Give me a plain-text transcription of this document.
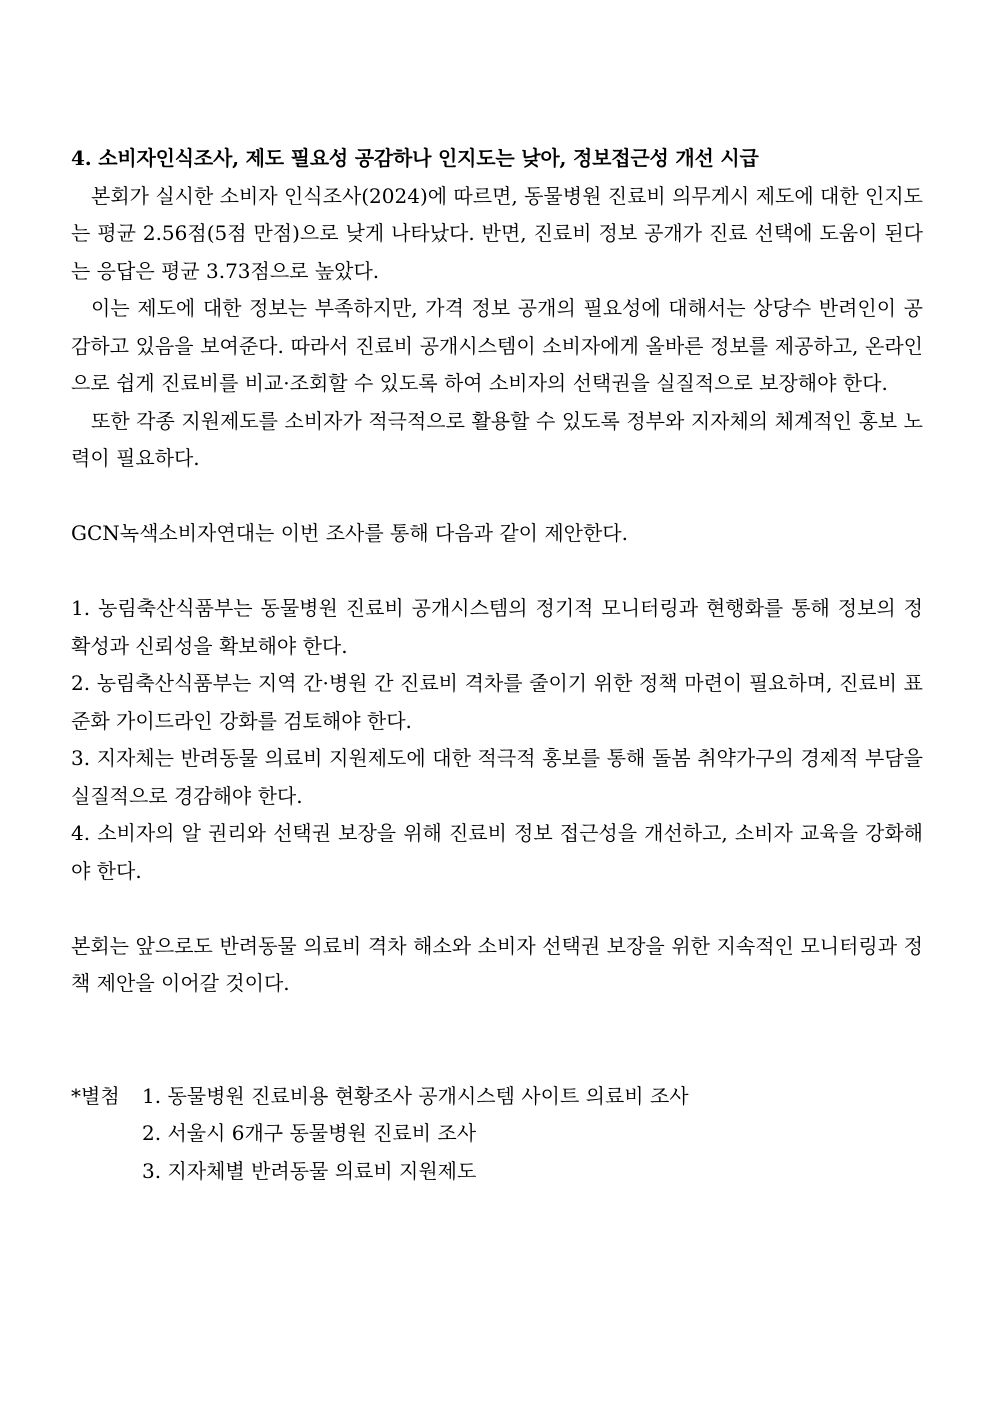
4. 소비자인식조사, 제도 필요성 공감하나 인지도는 낮아, 정보접근성 개선 시급

본회가 실시한 소비자 인식조사(2024)에 따르면, 동물병원 진료비 의무게시 제도에 대한 인지도는 평균 2.56점(5점 만점)으로 낮게 나타났다. 반면, 진료비 정보 공개가 진료 선택에 도움이 된다는 응답은 평균 3.73점으로 높았다.

이는 제도에 대한 정보는 부족하지만, 가격 정보 공개의 필요성에 대해서는 상당수 반려인이 공감하고 있음을 보여준다. 따라서 진료비 공개시스템이 소비자에게 올바른 정보를 제공하고, 온라인으로 쉽게 진료비를 비교·조회할 수 있도록 하여 소비자의 선택권을 실질적으로 보장해야 한다.

또한 각종 지원제도를 소비자가 적극적으로 활용할 수 있도록 정부와 지자체의 체계적인 홍보 노력이 필요하다.

GCN녹색소비자연대는 이번 조사를 통해 다음과 같이 제안한다.

1. 농림축산식품부는 동물병원 진료비 공개시스템의 정기적 모니터링과 현행화를 통해 정보의 정확성과 신뢰성을 확보해야 한다.

2. 농림축산식품부는 지역 간·병원 간 진료비 격차를 줄이기 위한 정책 마련이 필요하며, 진료비 표준화 가이드라인 강화를 검토해야 한다.

3. 지자체는 반려동물 의료비 지원제도에 대한 적극적 홍보를 통해 돌봄 취약가구의 경제적 부담을 실질적으로 경감해야 한다.

4. 소비자의 알 권리와 선택권 보장을 위해 진료비 정보 접근성을 개선하고, 소비자 교육을 강화해야 한다.

본회는 앞으로도 반려동물 의료비 격차 해소와 소비자 선택권 보장을 위한 지속적인 모니터링과 정책 제안을 이어갈 것이다.

*별첨 1. 동물병원 진료비용 현황조사 공개시스템 사이트 의료비 조사
2. 서울시 6개구 동물병원 진료비 조사
3. 지자체별 반려동물 의료비 지원제도
